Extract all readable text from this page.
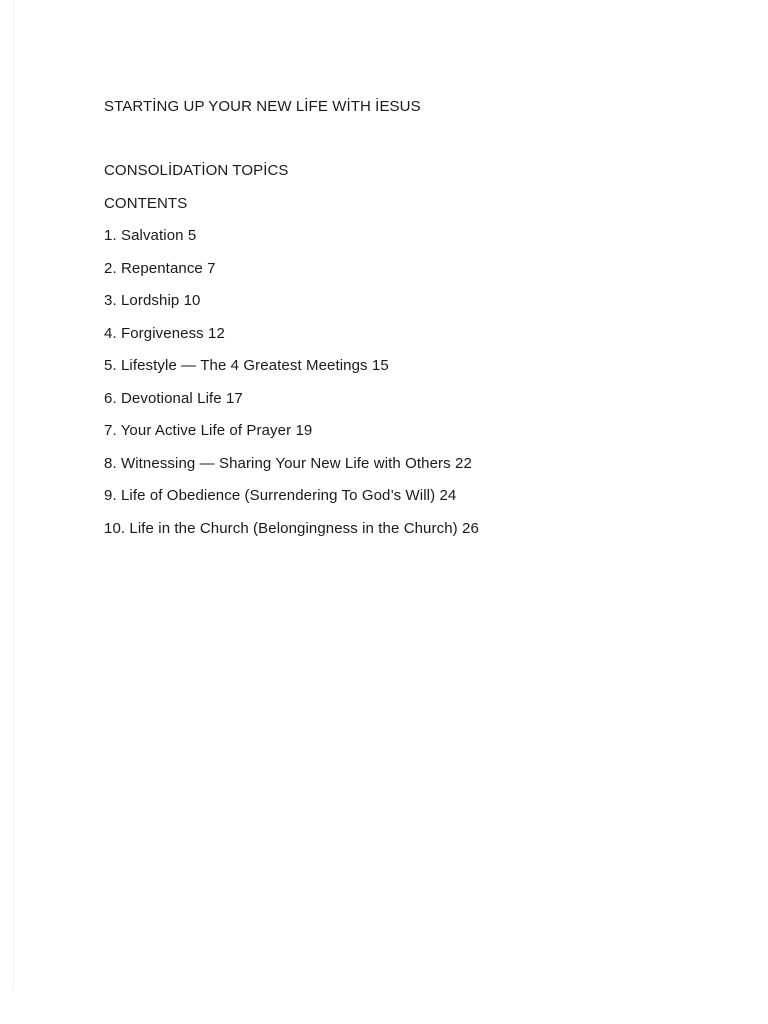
STARTİNG UP YOUR NEW LİFE WİTH İESUS
CONSOLİDATİON TOPİCS
CONTENTS
1. Salvation 5
2. Repentance 7
3. Lordship 10
4. Forgiveness 12
5. Lifestyle — The 4 Greatest Meetings 15
6. Devotional Life 17
7. Your Active Life of Prayer 19
8. Witnessing — Sharing Your New Life with Others 22
9. Life of Obedience (Surrendering To God’s Will) 24
10. Life in the Church (Belongingness in the Church) 26
